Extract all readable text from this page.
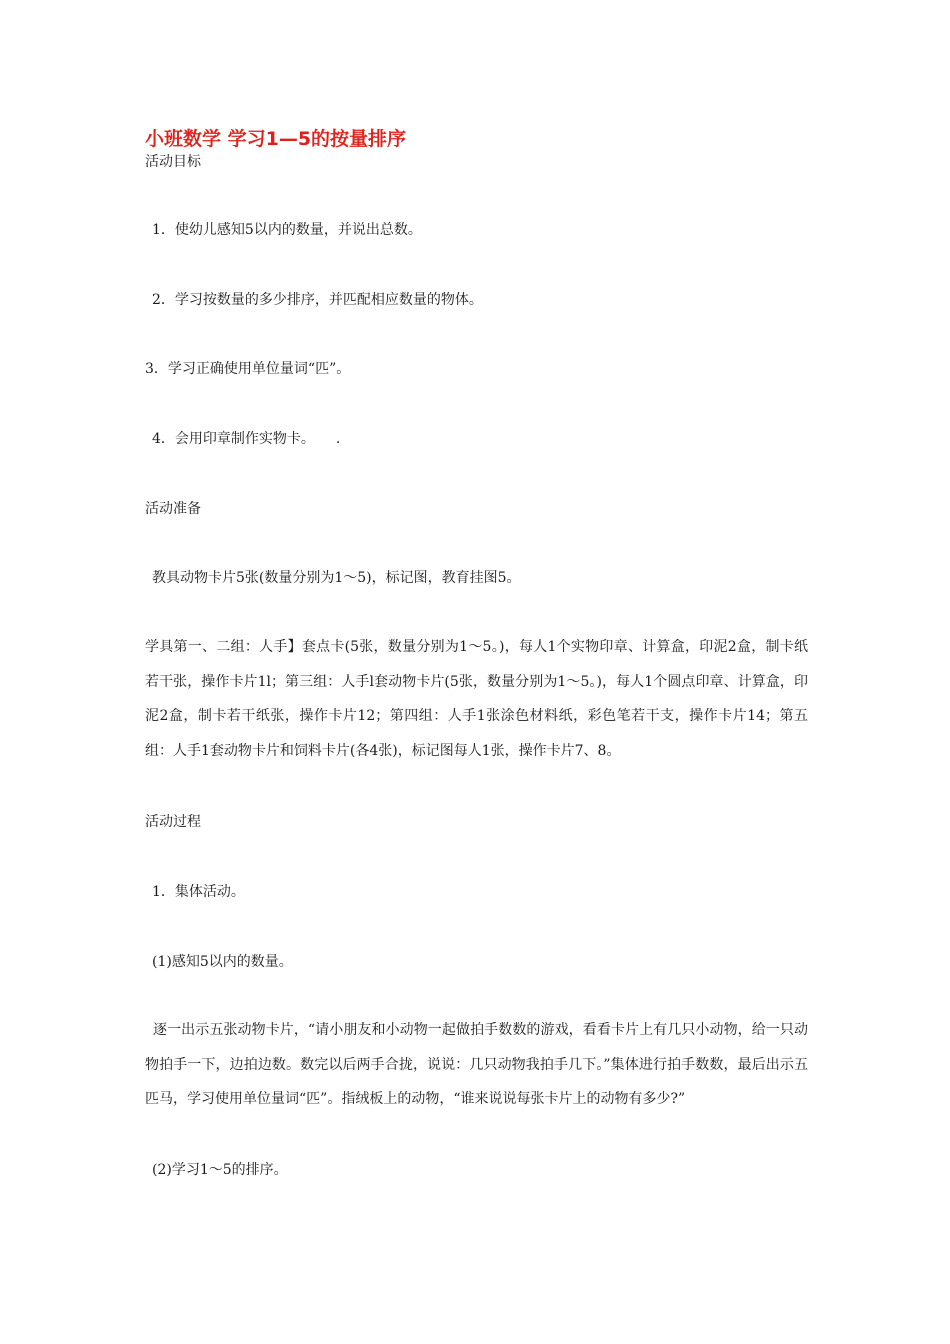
小班数学 学习1—5的按量排序
活动目标
1．使幼儿感知5以内的数量，并说出总数。
2．学习按数量的多少排序，并匹配相应数量的物体。
3．学习正确使用单位量词“匹”。
4．会用印章制作实物卡。　　.
活动准备
教具动物卡片5张(数量分别为1～5)，标记图，教育挂图5。
学具第一、二组：人手】套点卡(5张，数量分别为1～5。)，每人1个实物印章、计算盒，印泥2盒，制卡纸若干张，操作卡片1l；第三组：人手l套动物卡片(5张，数量分别为1～5。)，每人1个圆点印章、计算盒，印泥2盒，制卡若干纸张，操作卡片12；第四组：人手1张涂色材料纸，彩色笔若干支，操作卡片14；第五组：人手1套动物卡片和饲料卡片(各4张)，标记图每人1张，操作卡片7、8。
活动过程
1．集体活动。
(1)感知5以内的数量。
逐一出示五张动物卡片，“请小朋友和小动物一起做拍手数数的游戏，看看卡片上有几只小动物，给一只动物拍手一下，边拍边数。数完以后两手合拢，说说：几只动物我拍手几下。”集体进行拍手数数，最后出示五匹马，学习使用单位量词“匹”。指绒板上的动物，“谁来说说每张卡片上的动物有多少?”
(2)学习1～5的排序。
